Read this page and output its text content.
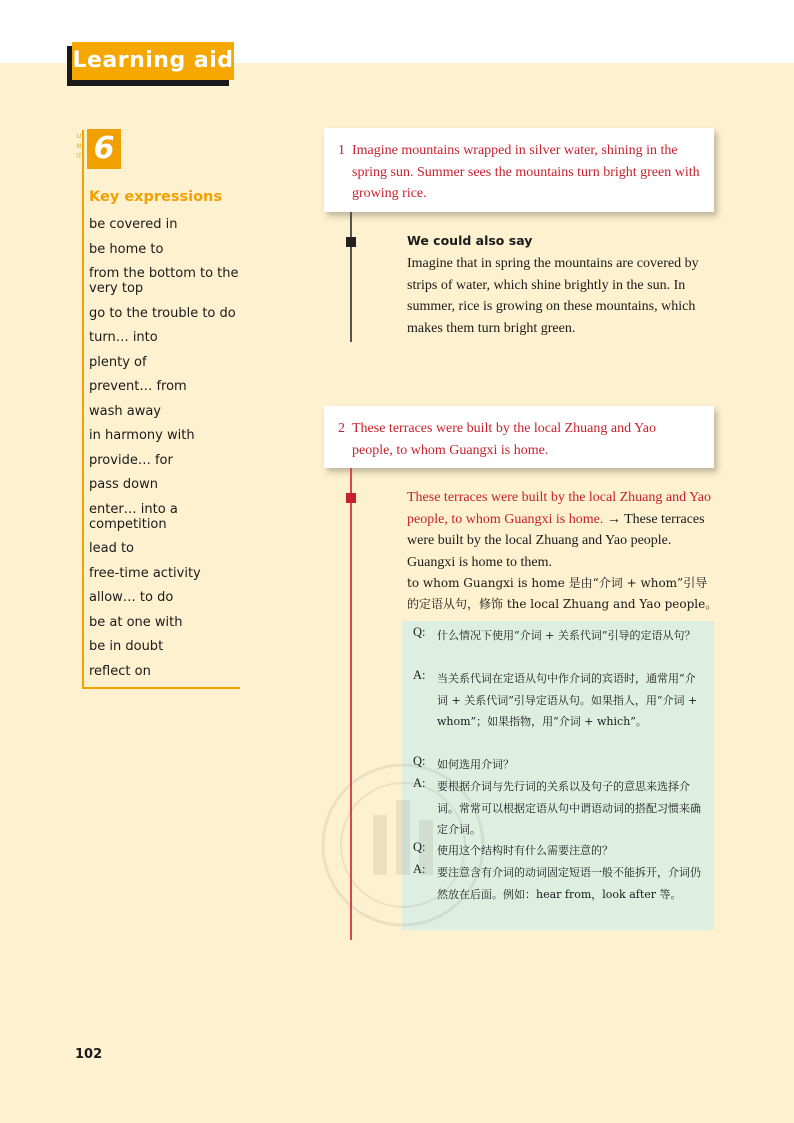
Learning aid
UNIT 6
Key expressions
be covered in
be home to
from the bottom to the very top
go to the trouble to do
turn… into
plenty of
prevent… from
wash away
in harmony with
provide… for
pass down
enter… into a competition
lead to
free-time activity
allow… to do
be at one with
be in doubt
reflect on
1 Imagine mountains wrapped in silver water, shining in the spring sun. Summer sees the mountains turn bright green with growing rice.
We could also say
Imagine that in spring the mountains are covered by strips of water, which shine brightly in the sun. In summer, rice is growing on these mountains, which makes them turn bright green.
2 These terraces were built by the local Zhuang and Yao people, to whom Guangxi is home.
These terraces were built by the local Zhuang and Yao people, to whom Guangxi is home. → These terraces were built by the local Zhuang and Yao people. Guangxi is home to them.
to whom Guangxi is home 是由“介词 + whom”引导的定语从句，修饰 the local Zhuang and Yao people。
Q: 什么情况下使用“介词 + 关系代词”引导的定语从句？
A: 当关系代词在定语从句中作介词的宾语时，通常用“介词 + 关系代词”引导定语从句。如果指人，用“介词 + whom”；如果指物，用“介词 + which”。
Q: 如何选用介词？
A: 要根据介词与先行词的关系以及句子的意思来选择介词。常常可以根据定语从句中谓语动词的搭配习惯来确定介词。
Q: 使用这个结构时有什么需要注意的？
A: 要注意含有介词的动词固定短语一般不能拆开，介词仍然放在后面。例如：hear from，look after 等。
102
